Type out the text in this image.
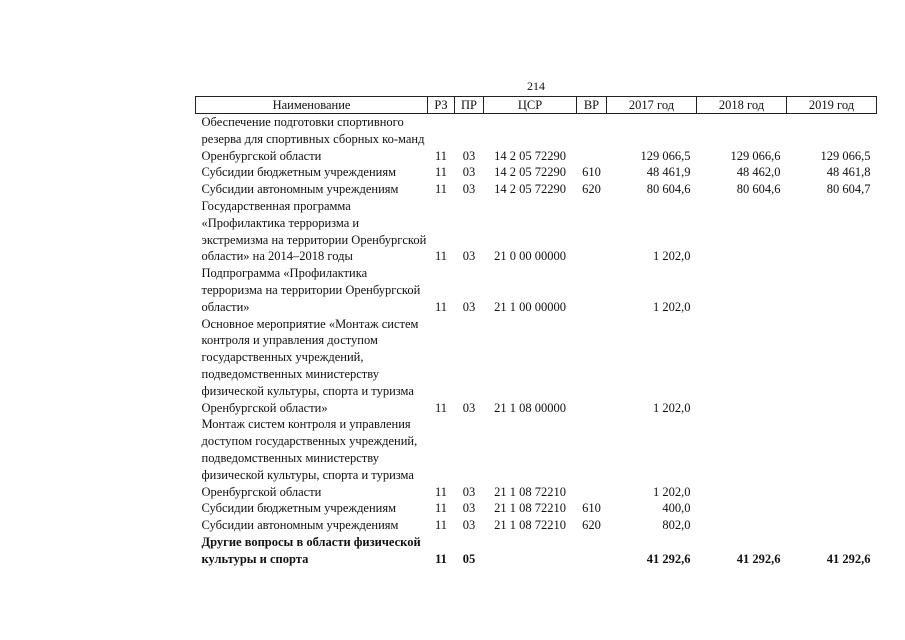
214
Наименование	РЗ	ПР	ЦСР	ВР	2017 год	2018 год	2019 год
Обеспечение подготовки спортивного резерва для спортивных сборных ко-манд Оренбургской области	11	03	14 2 05 72290		129 066,5	129 066,6	129 066,5
Субсидии бюджетным учреждениям	11	03	14 2 05 72290	610	48 461,9	48 462,0	48 461,8
Субсидии автономным учреждениям	11	03	14 2 05 72290	620	80 604,6	80 604,6	80 604,7
Государственная программа «Профилактика терроризма и экстремизма на территории Оренбургской области» на 2014–2018 годы	11	03	21 0 00 00000		1 202,0		
Подпрограмма «Профилактика терроризма на территории Оренбургской области»	11	03	21 1 00 00000		1 202,0		
Основное мероприятие «Монтаж систем контроля и управления доступом государственных учреждений, подведомственных министерству физической культуры, спорта и туризма Оренбургской области»	11	03	21 1 08 00000		1 202,0		
Монтаж систем контроля и управления доступом государственных учреждений, подведомственных министерству физической культуры, спорта и туризма Оренбургской области	11	03	21 1 08 72210		1 202,0		
Субсидии бюджетным учреждениям	11	03	21 1 08 72210	610	400,0		
Субсидии автономным учреждениям	11	03	21 1 08 72210	620	802,0		
Другие вопросы в области физической культуры и спорта	11	05			41 292,6	41 292,6	41 292,6
